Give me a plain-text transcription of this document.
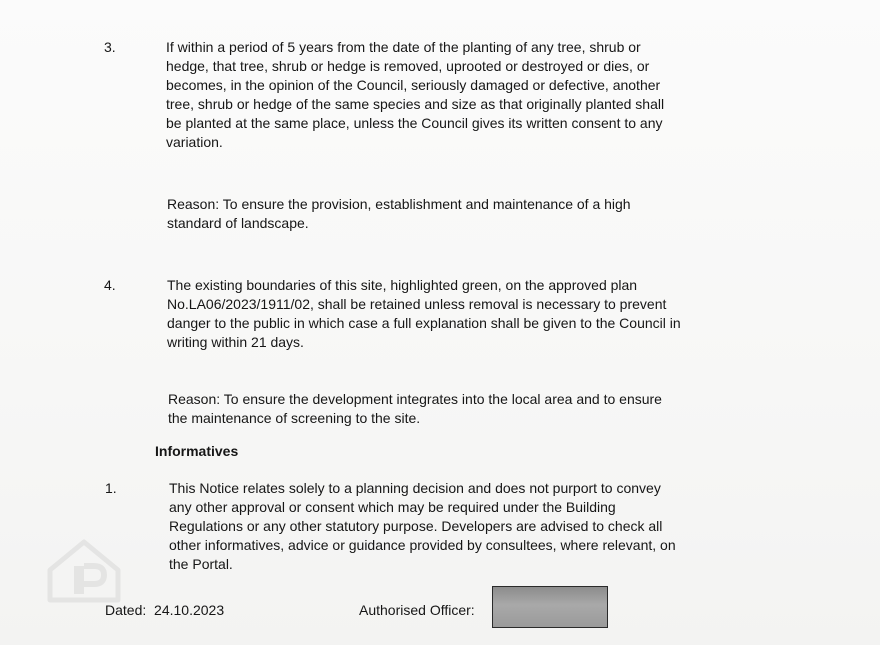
3.	If within a period of 5 years from the date of the planting of any tree, shrub or
hedge, that tree, shrub or hedge is removed, uprooted or destroyed or dies, or
becomes, in the opinion of the Council, seriously damaged or defective, another
tree, shrub or hedge of the same species and size as that originally planted shall
be planted at the same place, unless the Council gives its written consent to any
variation.
Reason: To ensure the provision, establishment and maintenance of a high
standard of landscape.
4.	The existing boundaries of this site, highlighted green, on the approved plan
No.LA06/2023/1911/02, shall be retained unless removal is necessary to prevent
danger to the public in which case a full explanation shall be given to the Council in
writing within 21 days.
Reason: To ensure the development integrates into the local area and to ensure
the maintenance of screening to the site.
Informatives
1.	This Notice relates solely to a planning decision and does not purport to convey
any other approval or consent which may be required under the Building
Regulations or any other statutory purpose. Developers are advised to check all
other informatives, advice or guidance provided by consultees, where relevant, on
the Portal.
Dated: 24.10.2023	Authorised Officer:
